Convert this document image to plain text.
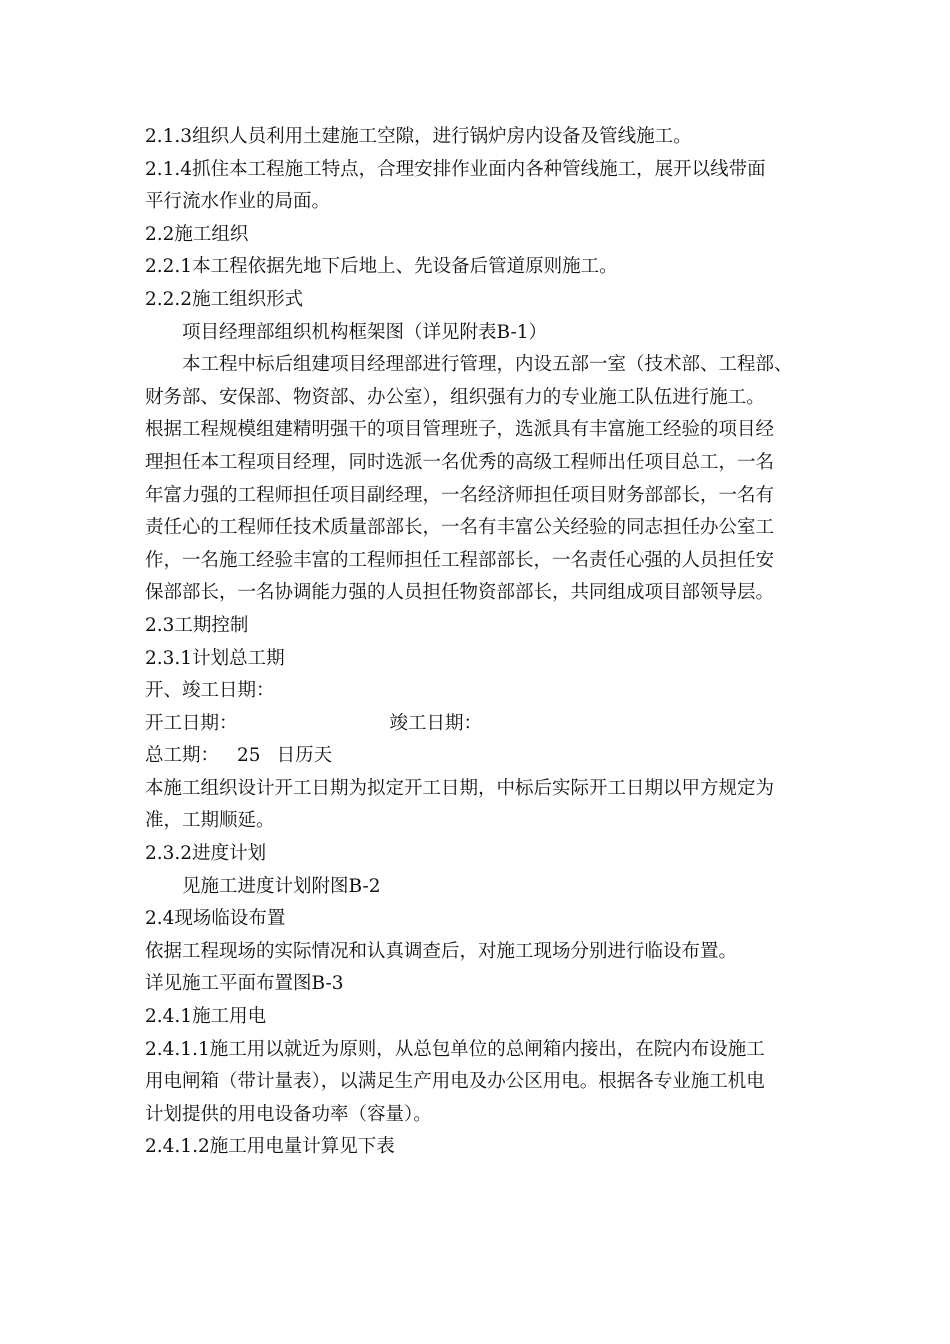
2.1.3组织人员利用土建施工空隙，进行锅炉房内设备及管线施工。
2.1.4抓住本工程施工特点，合理安排作业面内各种管线施工，展开以线带面
平行流水作业的局面。
2.2施工组织
2.2.1本工程依据先地下后地上、先设备后管道原则施工。
2.2.2施工组织形式
项目经理部组织机构框架图（详见附表B-1）
本工程中标后组建项目经理部进行管理，内设五部一室（技术部、工程部、
财务部、安保部、物资部、办公室），组织强有力的专业施工队伍进行施工。
根据工程规模组建精明强干的项目管理班子，选派具有丰富施工经验的项目经
理担任本工程项目经理，同时选派一名优秀的高级工程师出任项目总工，一名
年富力强的工程师担任项目副经理，一名经济师担任项目财务部部长，一名有
责任心的工程师任技术质量部部长，一名有丰富公关经验的同志担任办公室工
作，一名施工经验丰富的工程师担任工程部部长，一名责任心强的人员担任安
保部部长，一名协调能力强的人员担任物资部部长，共同组成项目部领导层。
2.3工期控制
2.3.1计划总工期
开、竣工日期：
开工日期：	竣工日期：
总工期： 25 日历天
本施工组织设计开工日期为拟定开工日期，中标后实际开工日期以甲方规定为
准，工期顺延。
2.3.2进度计划
见施工进度计划附图B-2
2.4现场临设布置
依据工程现场的实际情况和认真调查后，对施工现场分别进行临设布置。
详见施工平面布置图B-3
2.4.1施工用电
2.4.1.1施工用以就近为原则，从总包单位的总闸箱内接出，在院内布设施工
用电闸箱（带计量表），以满足生产用电及办公区用电。根据各专业施工机电
计划提供的用电设备功率（容量）。
2.4.1.2施工用电量计算见下表
